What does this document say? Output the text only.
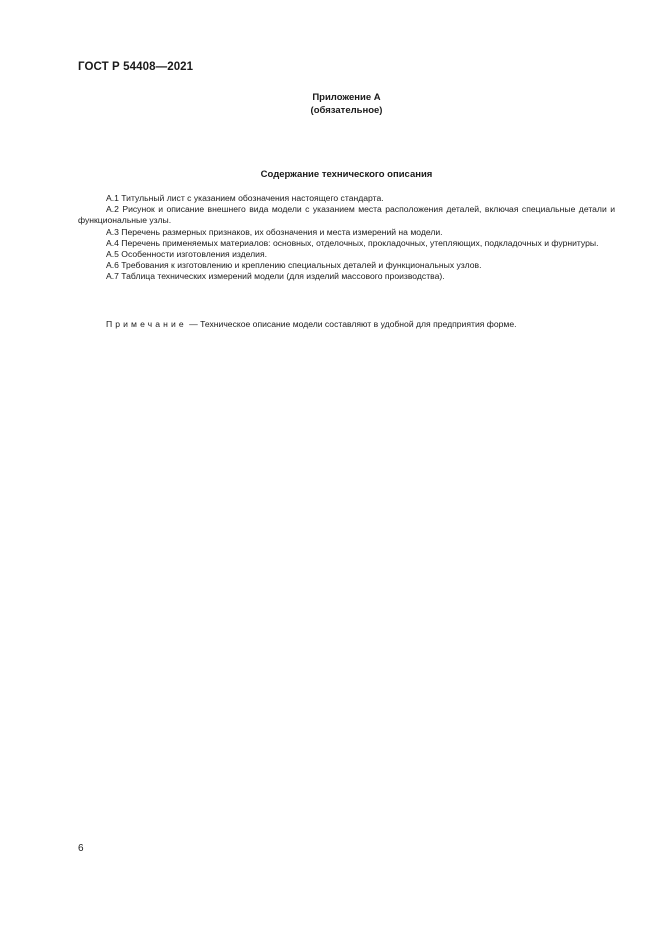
ГОСТ Р 54408—2021
Приложение А
(обязательное)
Содержание технического описания

А.1 Титульный лист с указанием обозначения настоящего стандарта.

А.2 Рисунок и описание внешнего вида модели с указанием места расположения деталей, включая специальные детали и функциональные узлы.

А.3 Перечень размерных признаков, их обозначения и места измерений на модели.

А.4 Перечень применяемых материалов: основных, отделочных, прокладочных, утепляющих, подкладочных и фурнитуры.

А.5 Особенности изготовления изделия.

А.6 Требования к изготовлению и креплению специальных деталей и функциональных узлов.

А.7 Таблица технических измерений модели (для изделий массового производства).

Примечание — Техническое описание модели составляют в удобной для предприятия форме.
6
